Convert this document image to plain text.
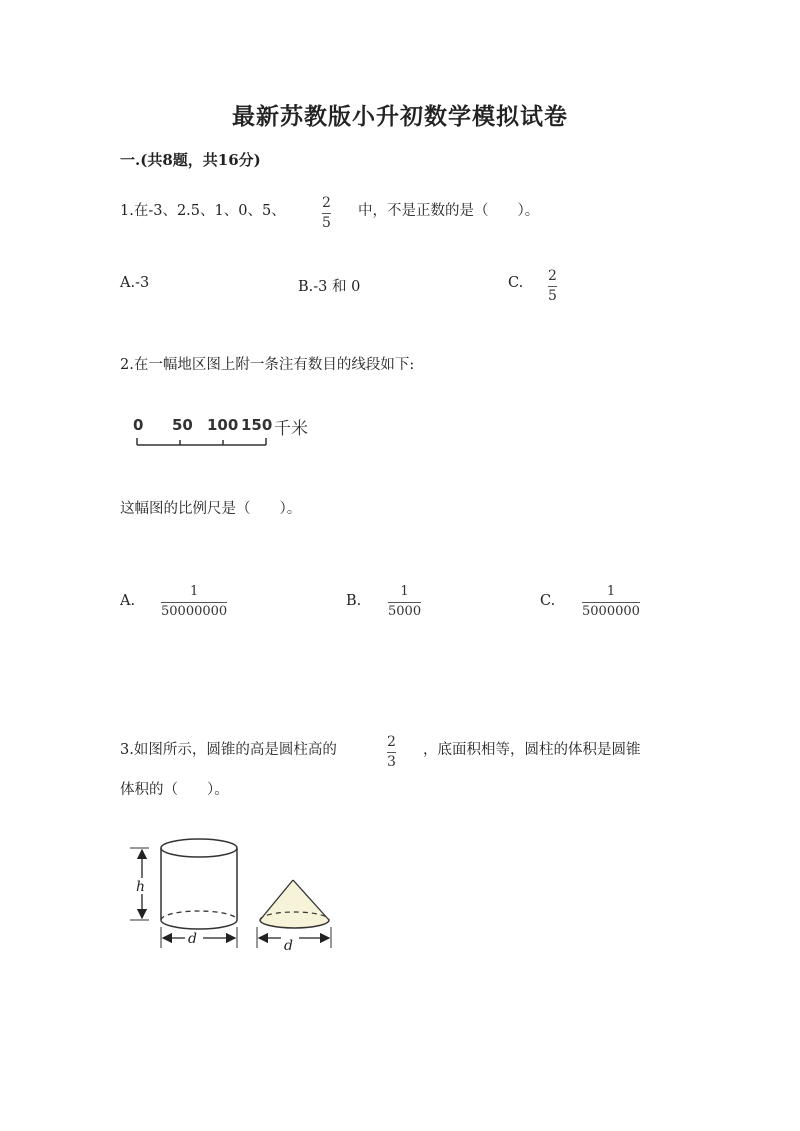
最新苏教版小升初数学模拟试卷
一.(共8题，共16分)
1.在-3、2.5、1、0、5、	2
5
中，不是正数的是（　　）。
A.-3	B.-3 和 0	C. 2
5
2.在一幅地区图上附一条注有数目的线段如下:
0 50 100 150 千米
这幅图的比例尺是（　　）。
A.
1
50000000
B.
1
5000
C.
1
5000000
3.如图所示，圆锥的高是圆柱高的	2
3
，底面积相等，圆柱的体积是圆锥
体积的（　　）。
h
d	d
